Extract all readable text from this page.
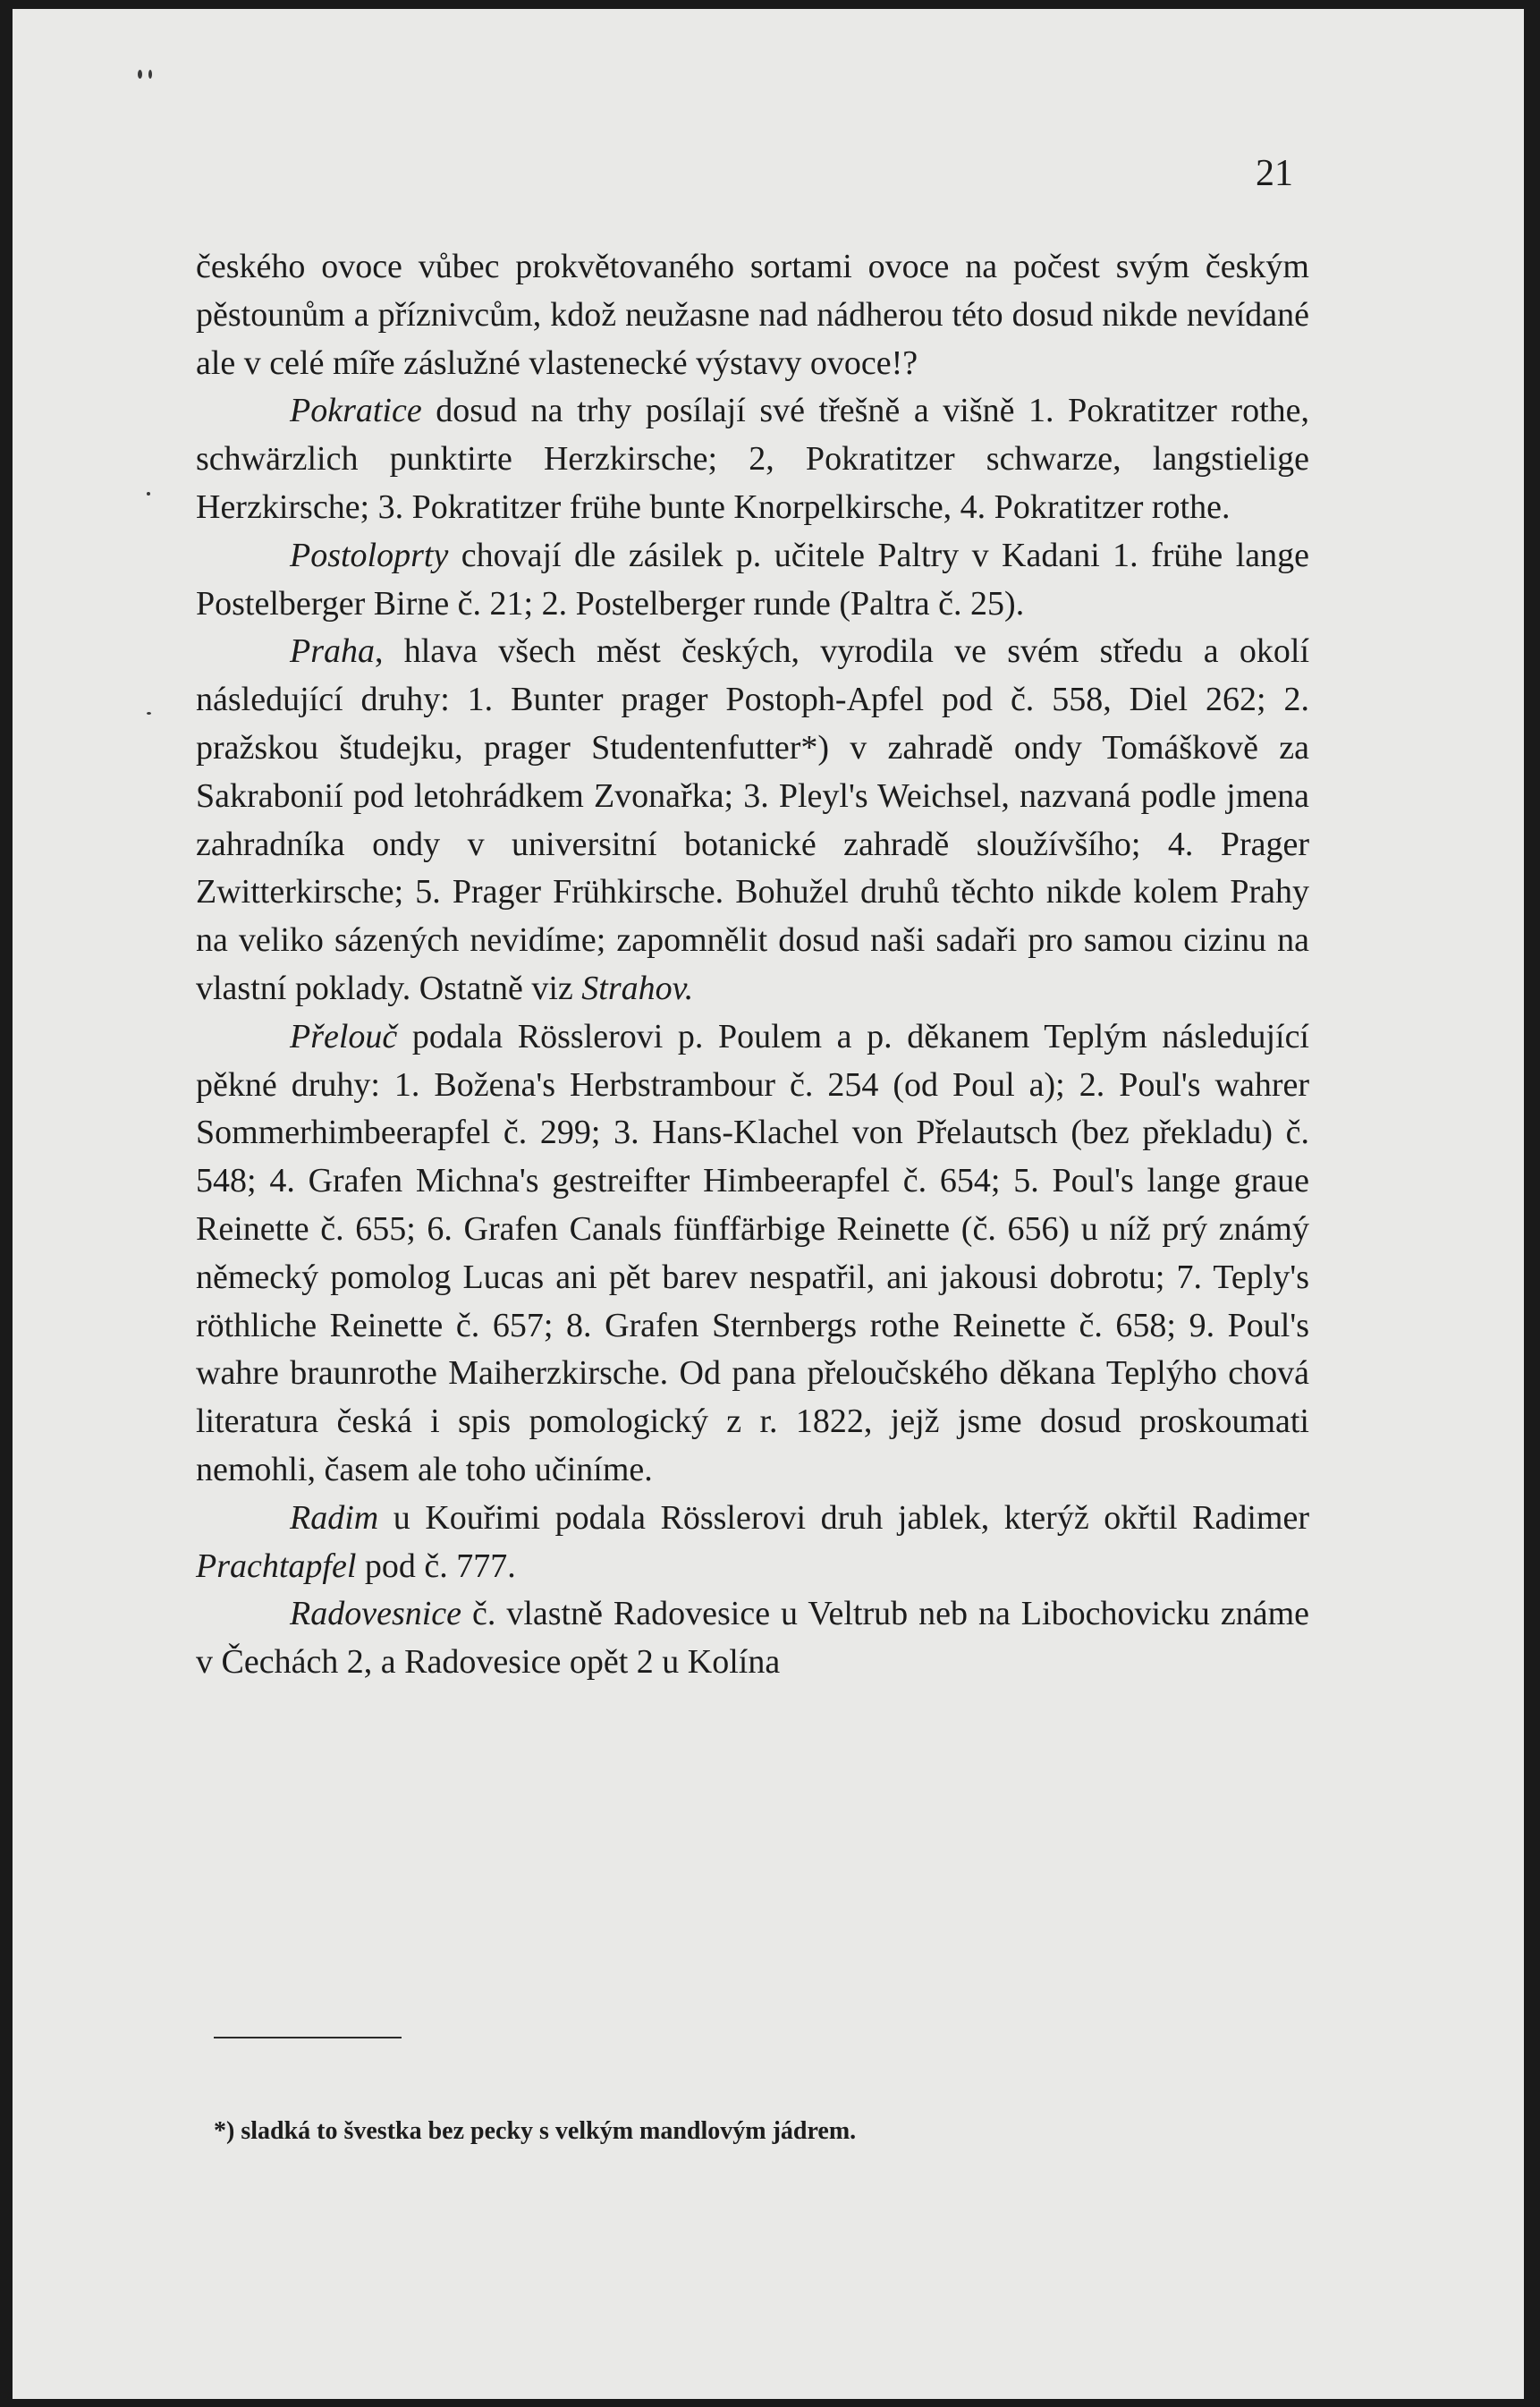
21

českého ovoce vůbec prokvětovaného sortami ovoce na počest svým českým pěstounům a příznivcům, kdož neužasne nad nádherou této dosud nikde nevídané ale v celé míře záslužné vlastenecké výstavy ovoce!?

Pokratice dosud na trhy posílají své třešně a višně 1. Pokratitzer rothe, schwärzlich punktirte Herzkirsche; 2, Pokratitzer schwarze, langstielige Herzkirsche; 3. Pokratitzer frühe bunte Knorpelkirsche, 4. Pokratitzer rothe.

Postoloprty chovají dle zásilek p. učitele Paltry v Kadani 1. frühe lange Postelberger Birne č. 21; 2. Postelberger runde (Paltra č. 25).

Praha, hlava všech měst českých, vyrodila ve svém středu a okolí následující druhy: 1. Bunter prager Postoph-Apfel pod č. 558, Diel 262; 2. pražskou študejku, prager Studentenfutter*) v zahradě ondy Tomáškově za Sakrabonií pod letohrádkem Zvonařka; 3. Pleyl's Weichsel, nazvaná podle jmena zahradníka ondy v universitní botanické zahradě sloužívšího; 4. Prager Zwitterkirsche; 5. Prager Frühkirsche. Bohužel druhů těchto nikde kolem Prahy na veliko sázených nevidíme; zapomnělit dosud naši sadaři pro samou cizinu na vlastní poklady. Ostatně viz Strahov.

Přelouč podala Rösslerovi p. Poulem a p. děkanem Teplým následující pěkné druhy: 1. Božena's Herbstrambour č. 254 (od Poul a); 2. Poul's wahrer Sommerhimbeerapfel č. 299; 3. Hans-Klachel von Přelautsch (bez překladu) č. 548; 4. Grafen Michna's gestreifter Himbeerapfel č. 654; 5. Poul's lange graue Reinette č. 655; 6. Grafen Canals fünffärbige Reinette (č. 656) u níž prý známý německý pomolog Lucas ani pět barev nespatřil, ani jakousi dobrotu; 7. Teply's röthliche Reinette č. 657; 8. Grafen Sternbergs rothe Reinette č. 658; 9. Poul's wahre braunrothe Maiherzkirsche. Od pana přeloučského děkana Teplýho chová literatura česká i spis pomologický z r. 1822, jejž jsme dosud proskoumati nemohli, časem ale toho učiníme.

Radim u Kouřimi podala Rösslerovi druh jablek, kterýž okřtil Radimer Prachtapfel pod č. 777.

Radovesnice č. vlastně Radovesice u Veltrub neb na Libochovicku známe v Čechách 2, a Radovesice opět 2 u Kolína

*) sladká to švestka bez pecky s velkým mandlovým jádrem.
